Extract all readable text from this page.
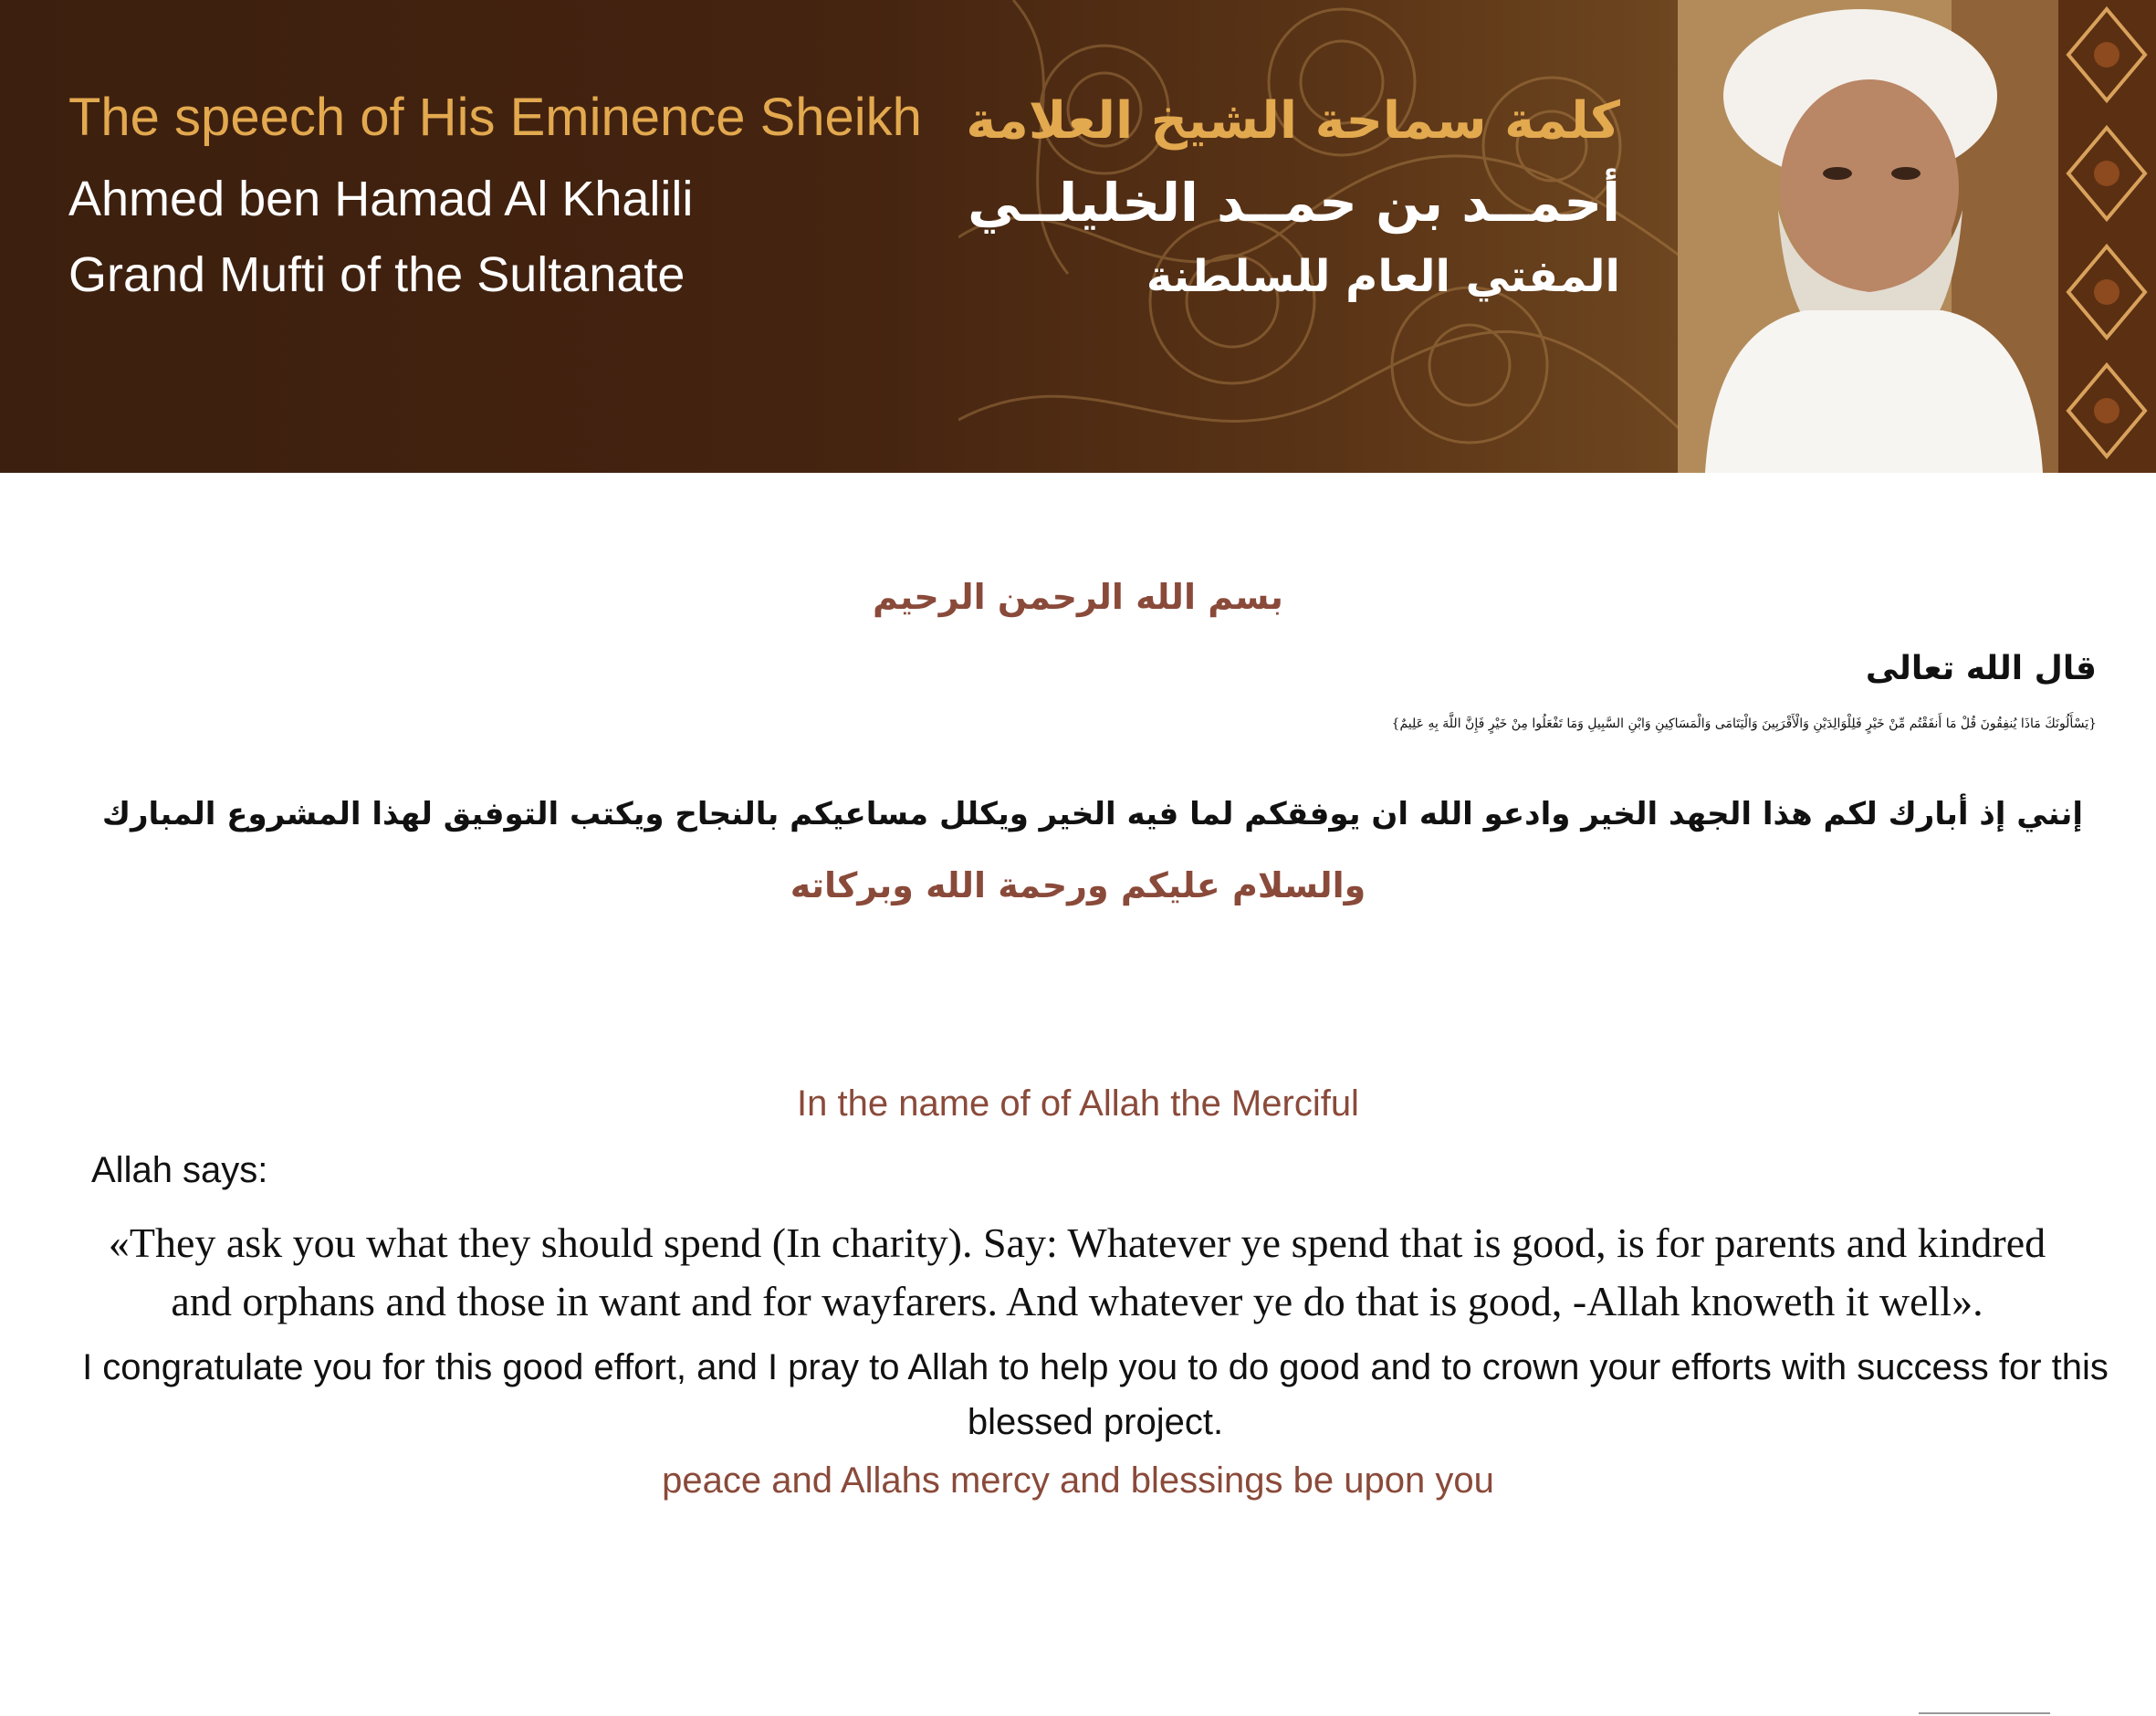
The speech of His Eminence Sheikh
Ahmed ben Hamad Al Khalili
Grand Mufti of the Sultanate
كلمة سماحة الشيخ العلامة
أحمــد بن حمــد الخليلــي
المفتي العام للسلطنة
بسم الله الرحمن الرحيم
قال الله تعالى
{يَسْأَلُونَكَ مَاذَا يُنفِقُونَ قُلْ مَا أَنفَقْتُم مِّنْ خَيْرٍ فَلِلْوَالِدَيْنِ وَالْأَقْرَبِينَ وَالْيَتَامَى وَالْمَسَاكِينِ وَابْنِ السَّبِيلِ وَمَا تَفْعَلُوا مِنْ خَيْرٍ فَإِنَّ اللَّهَ بِهِ عَلِيمٌ}
إنني إذ أبارك لكم هذا الجهد الخير وادعو الله ان يوفقكم لما فيه الخير ويكلل مساعيكم بالنجاح ويكتب التوفيق لهذا المشروع المبارك
والسلام عليكم ورحمة الله وبركاته
In the name of of Allah the Merciful
Allah says:
«They ask you what they should spend (In charity). Say: Whatever ye spend that is good, is for parents and kindred and orphans and those in want and for wayfarers. And whatever ye do that is good, -Allah knoweth it well».
I congratulate you for this good effort, and I pray to Allah to help you to do good and to crown your efforts with success for this blessed project.
peace and Allahs mercy and blessings be upon you
